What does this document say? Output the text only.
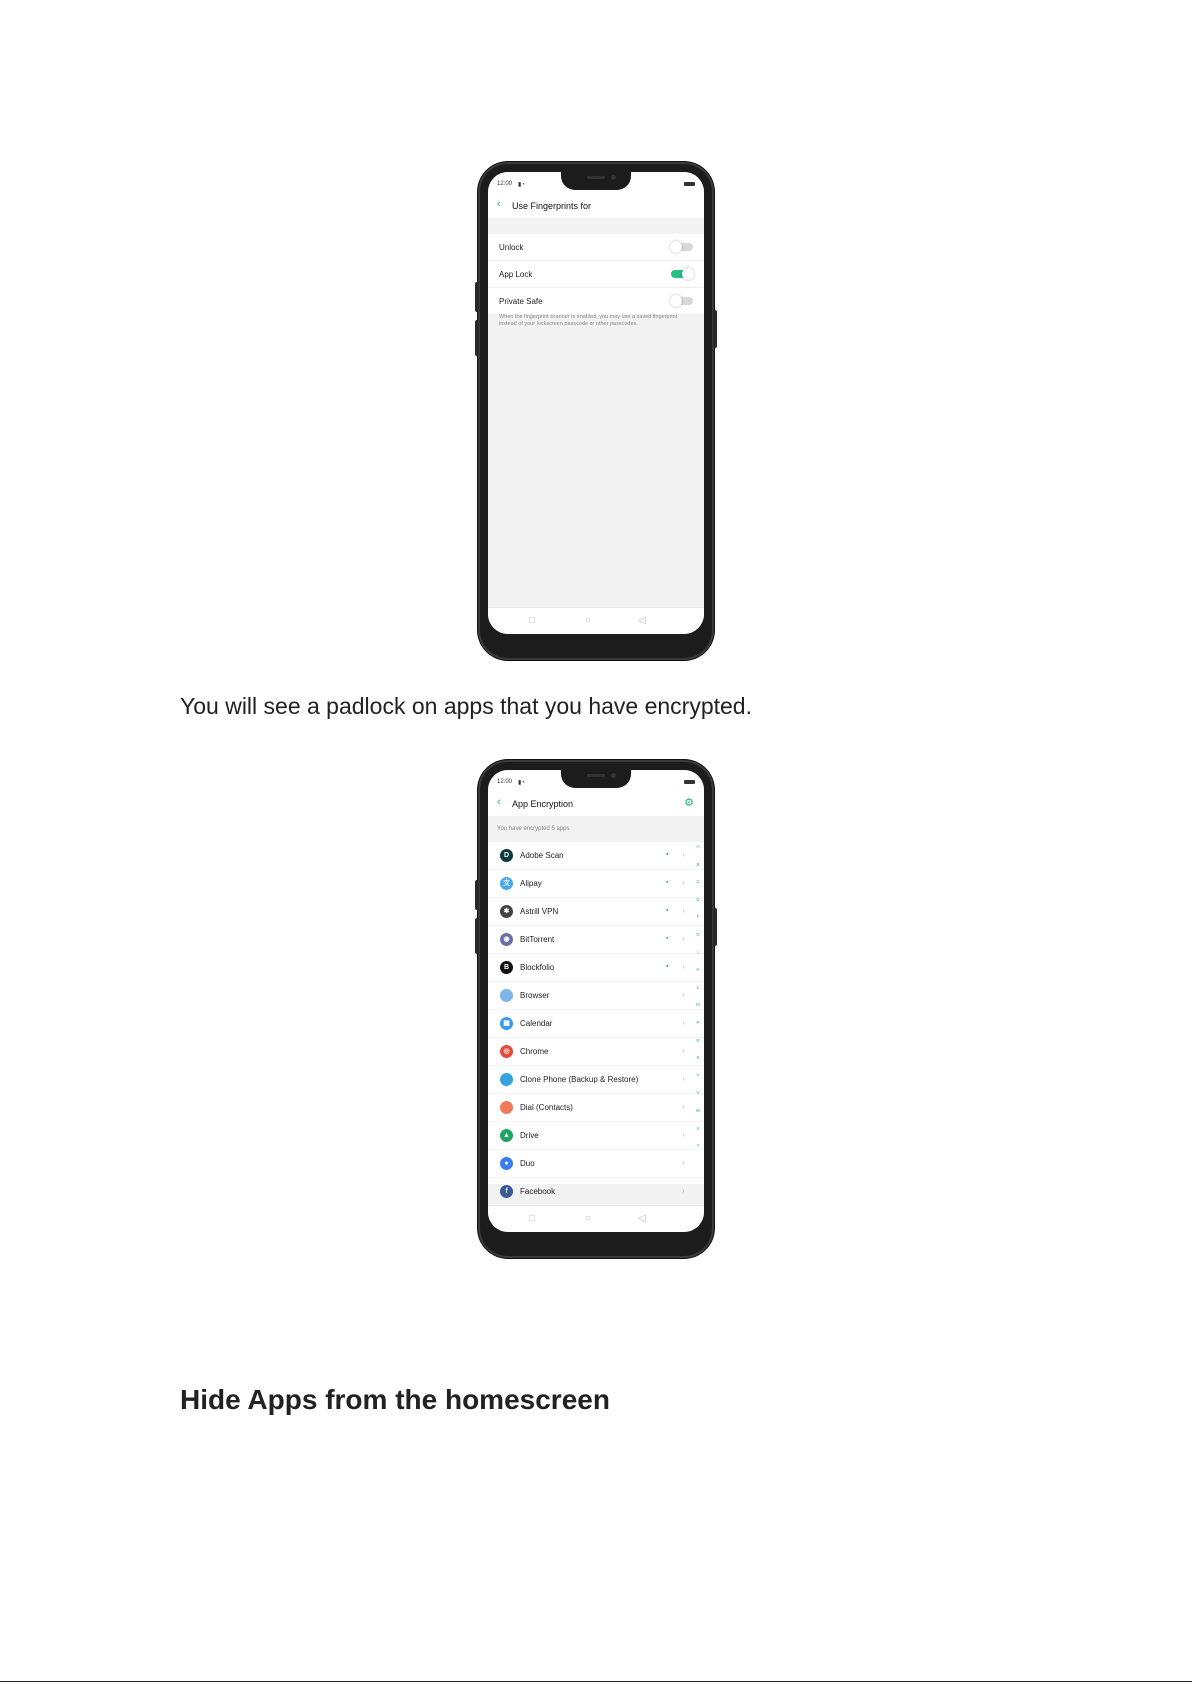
12:00 ▮◔
‹ Use Fingerprints for
Unlock
App Lock
Private Safe
When the fingerprint scanner is enabled, you may use a saved fingerprint instead of your lockscreen passcode or other passcodes.
□	○	◁
You will see a padlock on apps that you have encrypted.
12:00 ▮◔
‹ App Encryption	⚙
You have encrypted 5 apps
D	Adobe Scan	▪ ›
支	Alipay	▪ ›
✱	Astrill VPN	▪ ›
◉	BitTorrent	▪ ›
B	Blockfolio	▪ ›
Browser	›
▦	Calendar	›
◎	Chrome	›
Clone Phone (Backup & Restore)	›
Dial (Contacts)	›
▲	Drive	›
●	Duo	›
f	Facebook	›
A
B
C
D
F
G
I
K
L
M
P
R
S
T
V
W
X
Y
□	○	◁
Hide Apps from the homescreen
